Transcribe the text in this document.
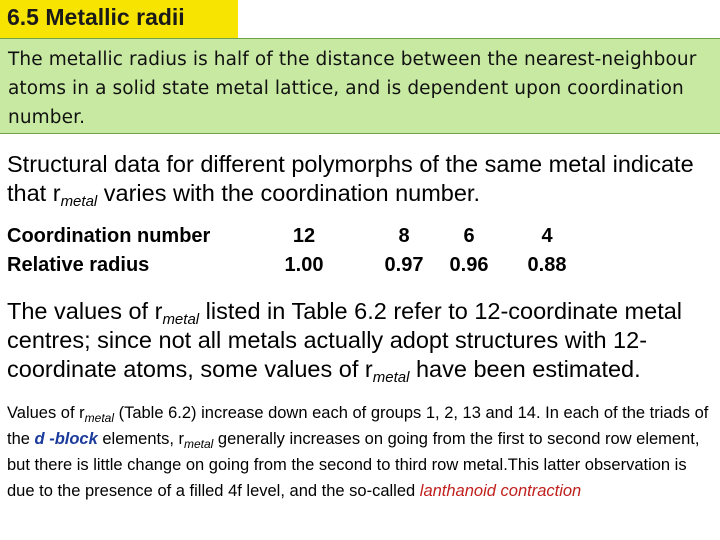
6.5 Metallic radii
The metallic radius is half of the distance between the nearest-neighbour atoms in a solid state metal lattice, and is dependent upon coordination number.
Structural data for different polymorphs of the same metal indicate
that $r_{metal}$ varies with the coordination number.
Coordination number	12	8	6	4
Relative radius	1.00	0.97	0.96	0.88
The values of $r_{metal}$ listed in Table 6.2 refer to 12-coordinate metal centres; since not all metals actually adopt structures with 12-coordinate atoms, some values of $r_{metal}$ have been estimated.
Values of $r_{metal}$ (Table 6.2) increase down each of groups 1, 2, 13 and 14. In each of the triads of the d -block elements, $r_{metal}$ generally increases on going from the first to second row element, but there is little change on going from the second to third row metal.This latter observation is due to the presence of a filled 4f level, and the so-called lanthanoid contraction
